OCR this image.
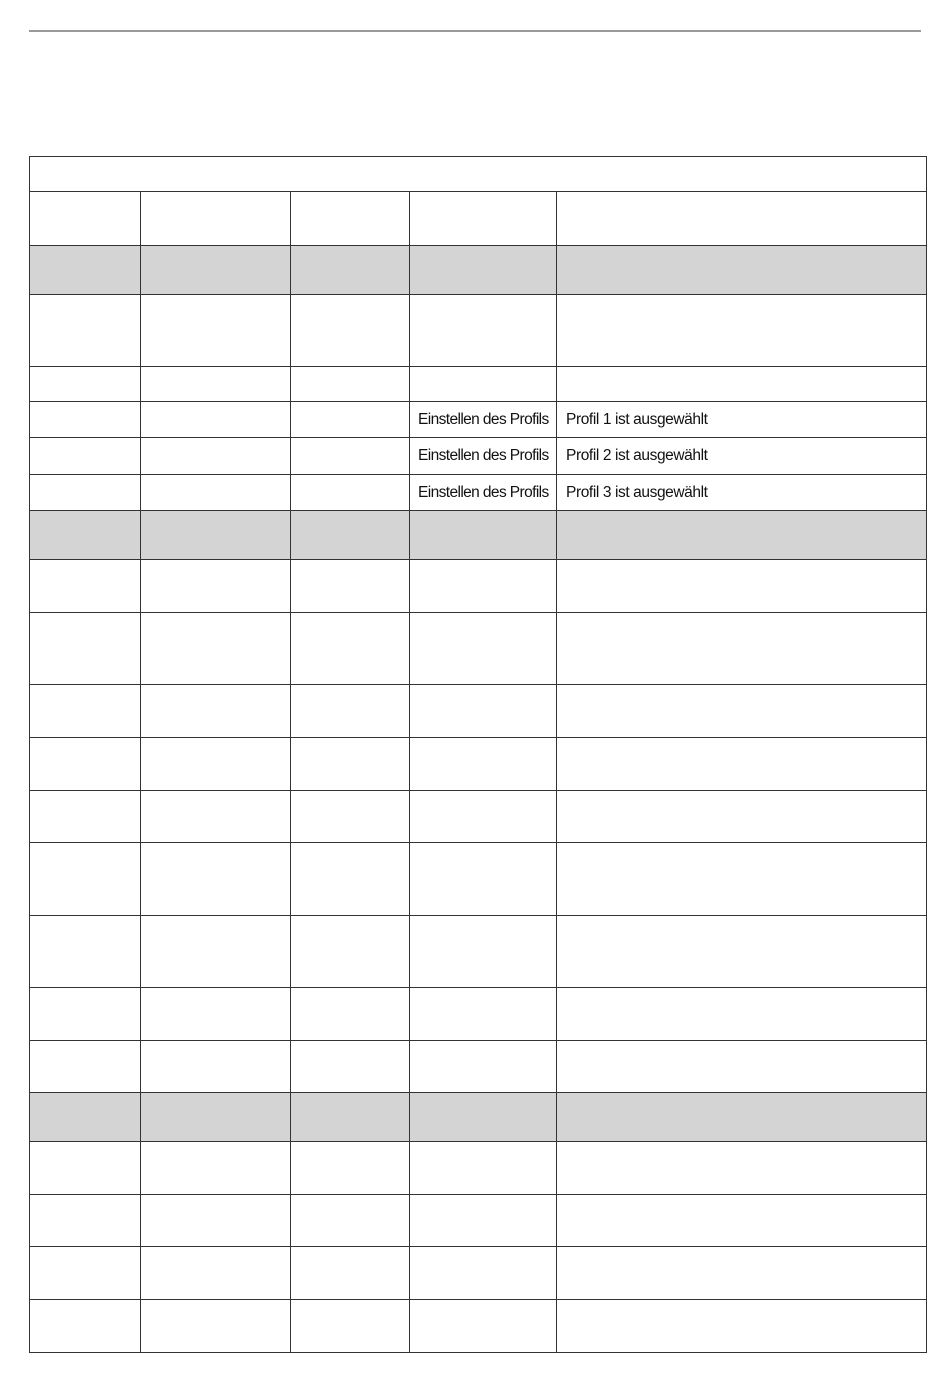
			Einstellen des Profils	Profil 1 ist ausgewählt
			Einstellen des Profils	Profil 2 ist ausgewählt
			Einstellen des Profils	Profil 3 ist ausgewählt
